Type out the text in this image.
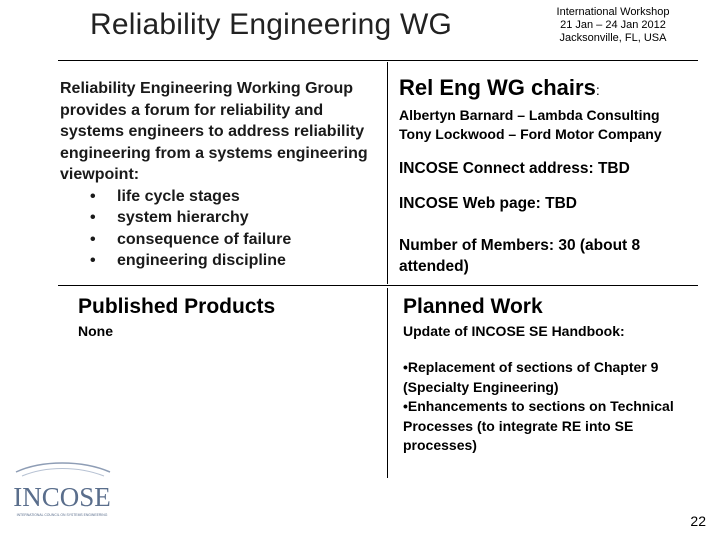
Reliability Engineering WG	International Workshop
21 Jan – 24 Jan 2012
Jacksonville, FL, USA
Reliability Engineering Working Group provides a forum for reliability and systems engineers to address reliability engineering from a systems engineering viewpoint:
• life cycle stages
• system hierarchy
• consequence of failure
• engineering discipline
Rel Eng WG chairs:
Albertyn Barnard – Lambda Consulting
Tony Lockwood – Ford Motor Company
INCOSE Connect address: TBD
INCOSE Web page: TBD
Number of Members: 30 (about 8 attended)
Published Products
None
Planned Work
Update of INCOSE SE Handbook:
•Replacement of sections of Chapter 9 (Specialty Engineering)
•Enhancements to sections on Technical Processes (to integrate RE into SE processes)
INCOSE
INTERNATIONAL COUNCIL ON SYSTEMS ENGINEERING	22
